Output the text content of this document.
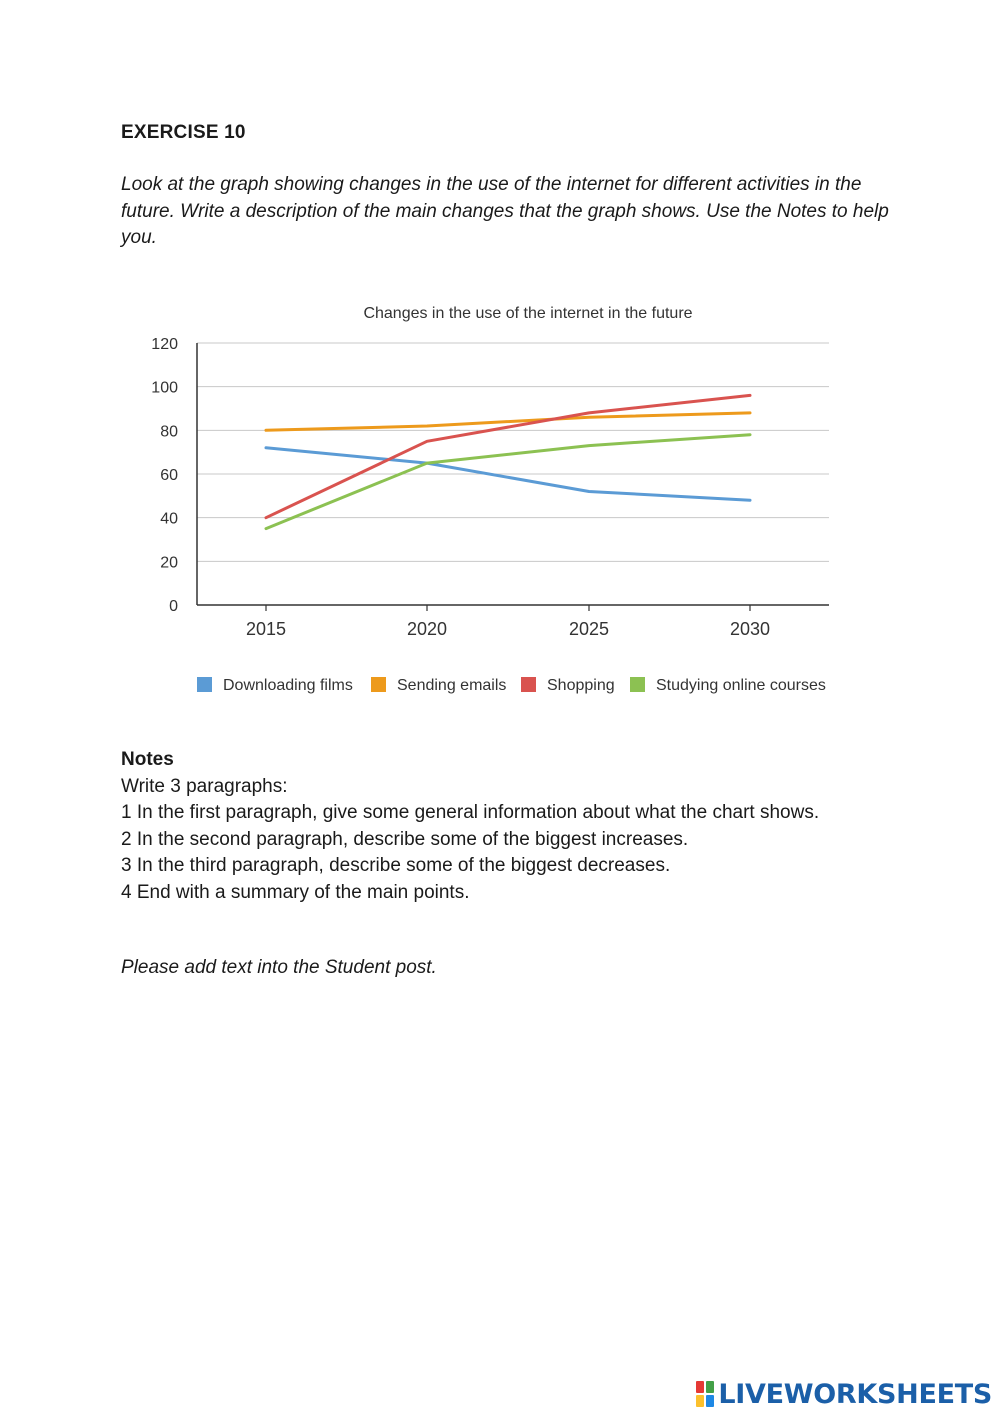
EXERCISE 10
Look at the graph showing changes in the use of the internet for different activities in the future. Write a description of the main changes that the graph shows. Use the Notes to help you.
Changes in the use of the internet in the future
0
20
40
60
80
100
120
2015	2020	2025	2030
Downloading films	Sending emails	Shopping	Studying online courses
Notes
Write 3 paragraphs:
1 In the first paragraph, give some general information about what the chart shows.
2 In the second paragraph, describe some of the biggest increases.
3 In the third paragraph, describe some of the biggest decreases.
4 End with a summary of the main points.
Please add text into the Student post.
LIVEWORKSHEETS
